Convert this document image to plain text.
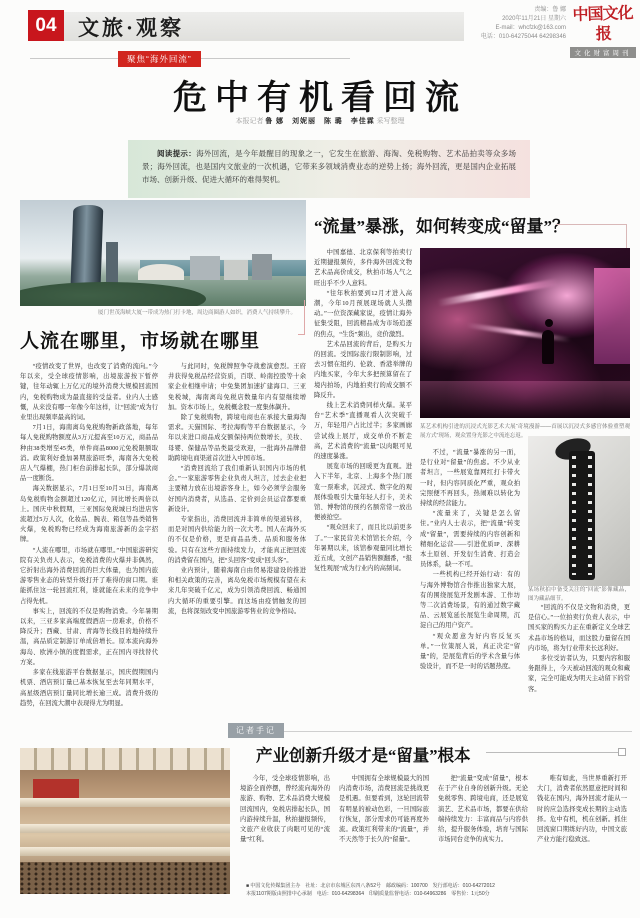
04	文旅·观察
责编：鲁 娜
2020年11月21日 星期六
E-mail：whcfzk@163.com
电话：010-64275044 64298346
中国文化报
文化财富周刊
聚焦“海外回流”
危中有机看回流
本报记者 鲁 娜　刘妮丽　陈 璐　李佳霖 采写整理

阅读提示：海外回流，是今年最醒目的现象之一，它发生在旅游、海淘、免税购物、艺术品拍卖等众多场景；海外回流，也是国内文旅业的一次机遇，它带来多领域消费业态的逆势上扬；海外回流，更是国内企业拓展市场、创新升级、促进大循环的难得契机。

厦门世茂海峡大厦一带成为热门打卡地，周边商圈游人如织，消费人气持续攀升。
人流在哪里，市场就在哪里

“疫情改变了世界，也改变了消费的流向。”今年以来，受全球疫情影响，出境旅游按下暂停键，往年动辄上万亿元的境外消费大规模回流国内，免税购物成为最直接的受益者。业内人士感慨，从来没有哪一年像今年这样，让“回流”成为行业里出现频率最高的词。

7月1日，海南离岛免税购物新政落地，每年每人免税购物额度从3万元提高至10万元，商品品种由38类增至45类，单件商品8000元免税限额取消。政策利好叠加暑期旅游旺季，海南各大免税店人气爆棚，热门柜台前排起长队，部分爆款商品一度断货。

海关数据显示，7月1日至10月31日，海南离岛免税购物金额超过120亿元，同比增长两倍以上。国庆中秋假期，三亚国际免税城日均进店客流超过5万人次，化妆品、腕表、箱包等品类销售火爆，免税购物已经成为海南旅游新的金字招牌。

“人流在哪里，市场就在哪里。”中国旅游研究院有关负责人表示，免税消费的火爆并非偶然，它折射出海外消费回流的巨大体量，也为国内旅游零售业态的转型升级打开了难得的窗口期。谁能抓住这一轮回流红利，谁就能在未来的竞争中占得先机。

事实上，回流的不仅是购物消费。今年暑期以来，三亚多家高端度假酒店一房难求，价格不降反升；西藏、甘肃、青海等长线目的地持续升温，高品质定制游订单成倍增长。原本流向海外海岛、欧洲小镇的度假需求，正在国内寻找替代方案。

多家在线旅游平台数据显示，国庆假期国内机票、酒店预订量已基本恢复至去年同期水平，高星级酒店预订量同比增长逾三成。消费升级的趋势，在回流大潮中表现得尤为明显。

与此同时，免税牌照争夺战愈演愈烈。王府井获得免税品经营资质，百联、岭南控股等十余家企业相继申请；中免集团加速扩建海口、三亚免税城，海南离岛免税店数量年内有望继续增加。资本市场上，免税概念股一度集体飙升。

除了免税购物，跨境电商也在承接大量海淘需求。天猫国际、考拉海购等平台数据显示，今年以来进口商品成交额保持两位数增长，美妆、母婴、保健品等品类最受欢迎，一批海外品牌借助跨境电商渠道首次进入中国市场。

“消费回流给了我们重新认识国内市场的机会。”一家旅游零售企业负责人坦言，过去企业把主要精力放在出境游客身上，如今必须学会服务好国内消费者，从选品、定价到会员运营都要重新设计。

专家指出，消费回流并非简单的渠道转移，而是对国内供给能力的一次大考。国人在海外买的不仅是价格，更是商品品类、品质和服务体验。只有在这些方面持续发力，才能真正把回流的消费留在国内，把“头回客”变成“回头客”。

业内预计，随着海南自由贸易港建设的推进和相关政策的完善，离岛免税市场规模有望在未来几年突破千亿元，成为引领消费回流、畅通国内大循环的重要引擎。而这场由疫情触发的回流，也将深刻改变中国旅游零售业的竞争格局。

“流量”暴涨，如何转变成“留量”？
某艺术机构引进的沉浸式光影艺术大展“奇境漫游——首展以沉浸式多感官体验重塑观展方式”现场，观众置身光影之中流连忘返。

中国嘉德、北京保利等拍卖行近期捷报频传，多件海外回流文物艺术品高价成交，秋拍市场人气之旺出乎不少人意料。

“往年秋拍要到12月才进入高潮，今年10月预展现场就人头攒动。”一位资深藏家说，疫情让海外征集受阻，回流精品成为市场追逐的焦点，“生货”频出，竞价激烈。

艺术品回流的背后，是购买力的回流。受国际旅行限制影响，过去习惯在纽约、伦敦、香港举牌的内地买家，今年大多把预算留在了境内拍场，内地拍卖行的成交额不降反升。

线上艺术消费同样火爆。某平台“艺术季”直播观看人次突破千万，年轻用户占比过半；多家画廊尝试线上展厅，成交单价不断走高，艺术消费的“流量”以肉眼可见的速度暴涨。

展览市场的回暖更为直观。进入下半年，北京、上海多个热门展览一票难求，沉浸式、数字化的观展体验吸引大量年轻人打卡，美术馆、博物馆的预约名额常常一放出便被抢空。

“观众回来了，而且比以前更多了。”一家民营美术馆馆长介绍，今年暑期以来，该馆参观量同比增长近五成，文创产品销售额翻番，“报复性观展”成为行业内的高频词。

不过，“流量”暴涨的另一面，是行业对“留量”的焦虑。不少从业者坦言，一些展览靠网红打卡带火一时，但内容同质化严重，观众拍完照便不再回头，热闹难以转化为持续的经营能力。

“流量来了，关键是怎么留住。”业内人士表示，把“流量”转变成“留量”，需要持续的内容创新和精细化运营——引进优质IP、深耕本土原创、开发衍生消费、打造会员体系，缺一不可。

一些机构已经开始行动：有的与海外博物馆合作推出独家大展，有的围绕展览开发剧本游、工作坊等二次消费场景，有的通过数字藏品、云展览延长展览生命周期，沉淀自己的用户资产。

“观众愿意为好内容反复买单。”一位策展人说，真正决定“留量”的，是展览背后的学术含量与体验设计，而不是一时的话题热度。

某场秋拍中备受关注的“回流”影像藏品，图为藏品细节。

“回流的不仅是文物和消费，更是信心。”一位拍卖行负责人表示，中国买家的购买力正在重新定义全球艺术品市场的格局，而这股力量留在国内市场，将为行业带来长远利好。

多位受访者认为，只要内容和服务跟得上，今天被动回流的观众和藏家，完全可能成为明天主动留下的常客。

记者手记
产业创新升级才是“留量”根本

今年，受全球疫情影响，出境游全面停摆，曾经流向海外的旅游、购物、艺术品消费大规模回流国内，免税店排起长队，国内游持续升温，秋拍捷报频传，文旅产业收获了肉眼可见的“流量”红利。

中国拥有全球规模最大的国内消费市场，消费回流是挑战更是机遇。但要看到，这轮回流带有明显的被动色彩，一旦国际旅行恢复，部分需求仍可能再度外流。政策红利带来的“流量”，并不天然等于长久的“留量”。

把“流量”变成“留量”，根本在于产业自身的创新升级。无论免税零售、跨境电商，还是展览演艺、艺术品市场，都要在供给端持续发力：丰富商品与内容供给，提升服务体验，培育与国际市场同台竞争的真实力。

唯有如此，当世界重新打开大门，消费者依然愿意把时间和钱花在国内，海外回流才能从一时的应急选择变成长期的主动选择。危中有机，机在创新。抓住回流窗口期练好内功，中国文旅产业方能行稳致远。

■ 中国文化传媒集团主办　社址：北京市东城区东四八条52号　邮政编码：100700　发行部电话：010-64272012
本报1107期版由照排中心承制　电话：010-64298364　印刷质量监督电话：010-64963286　零售价：1元50分
